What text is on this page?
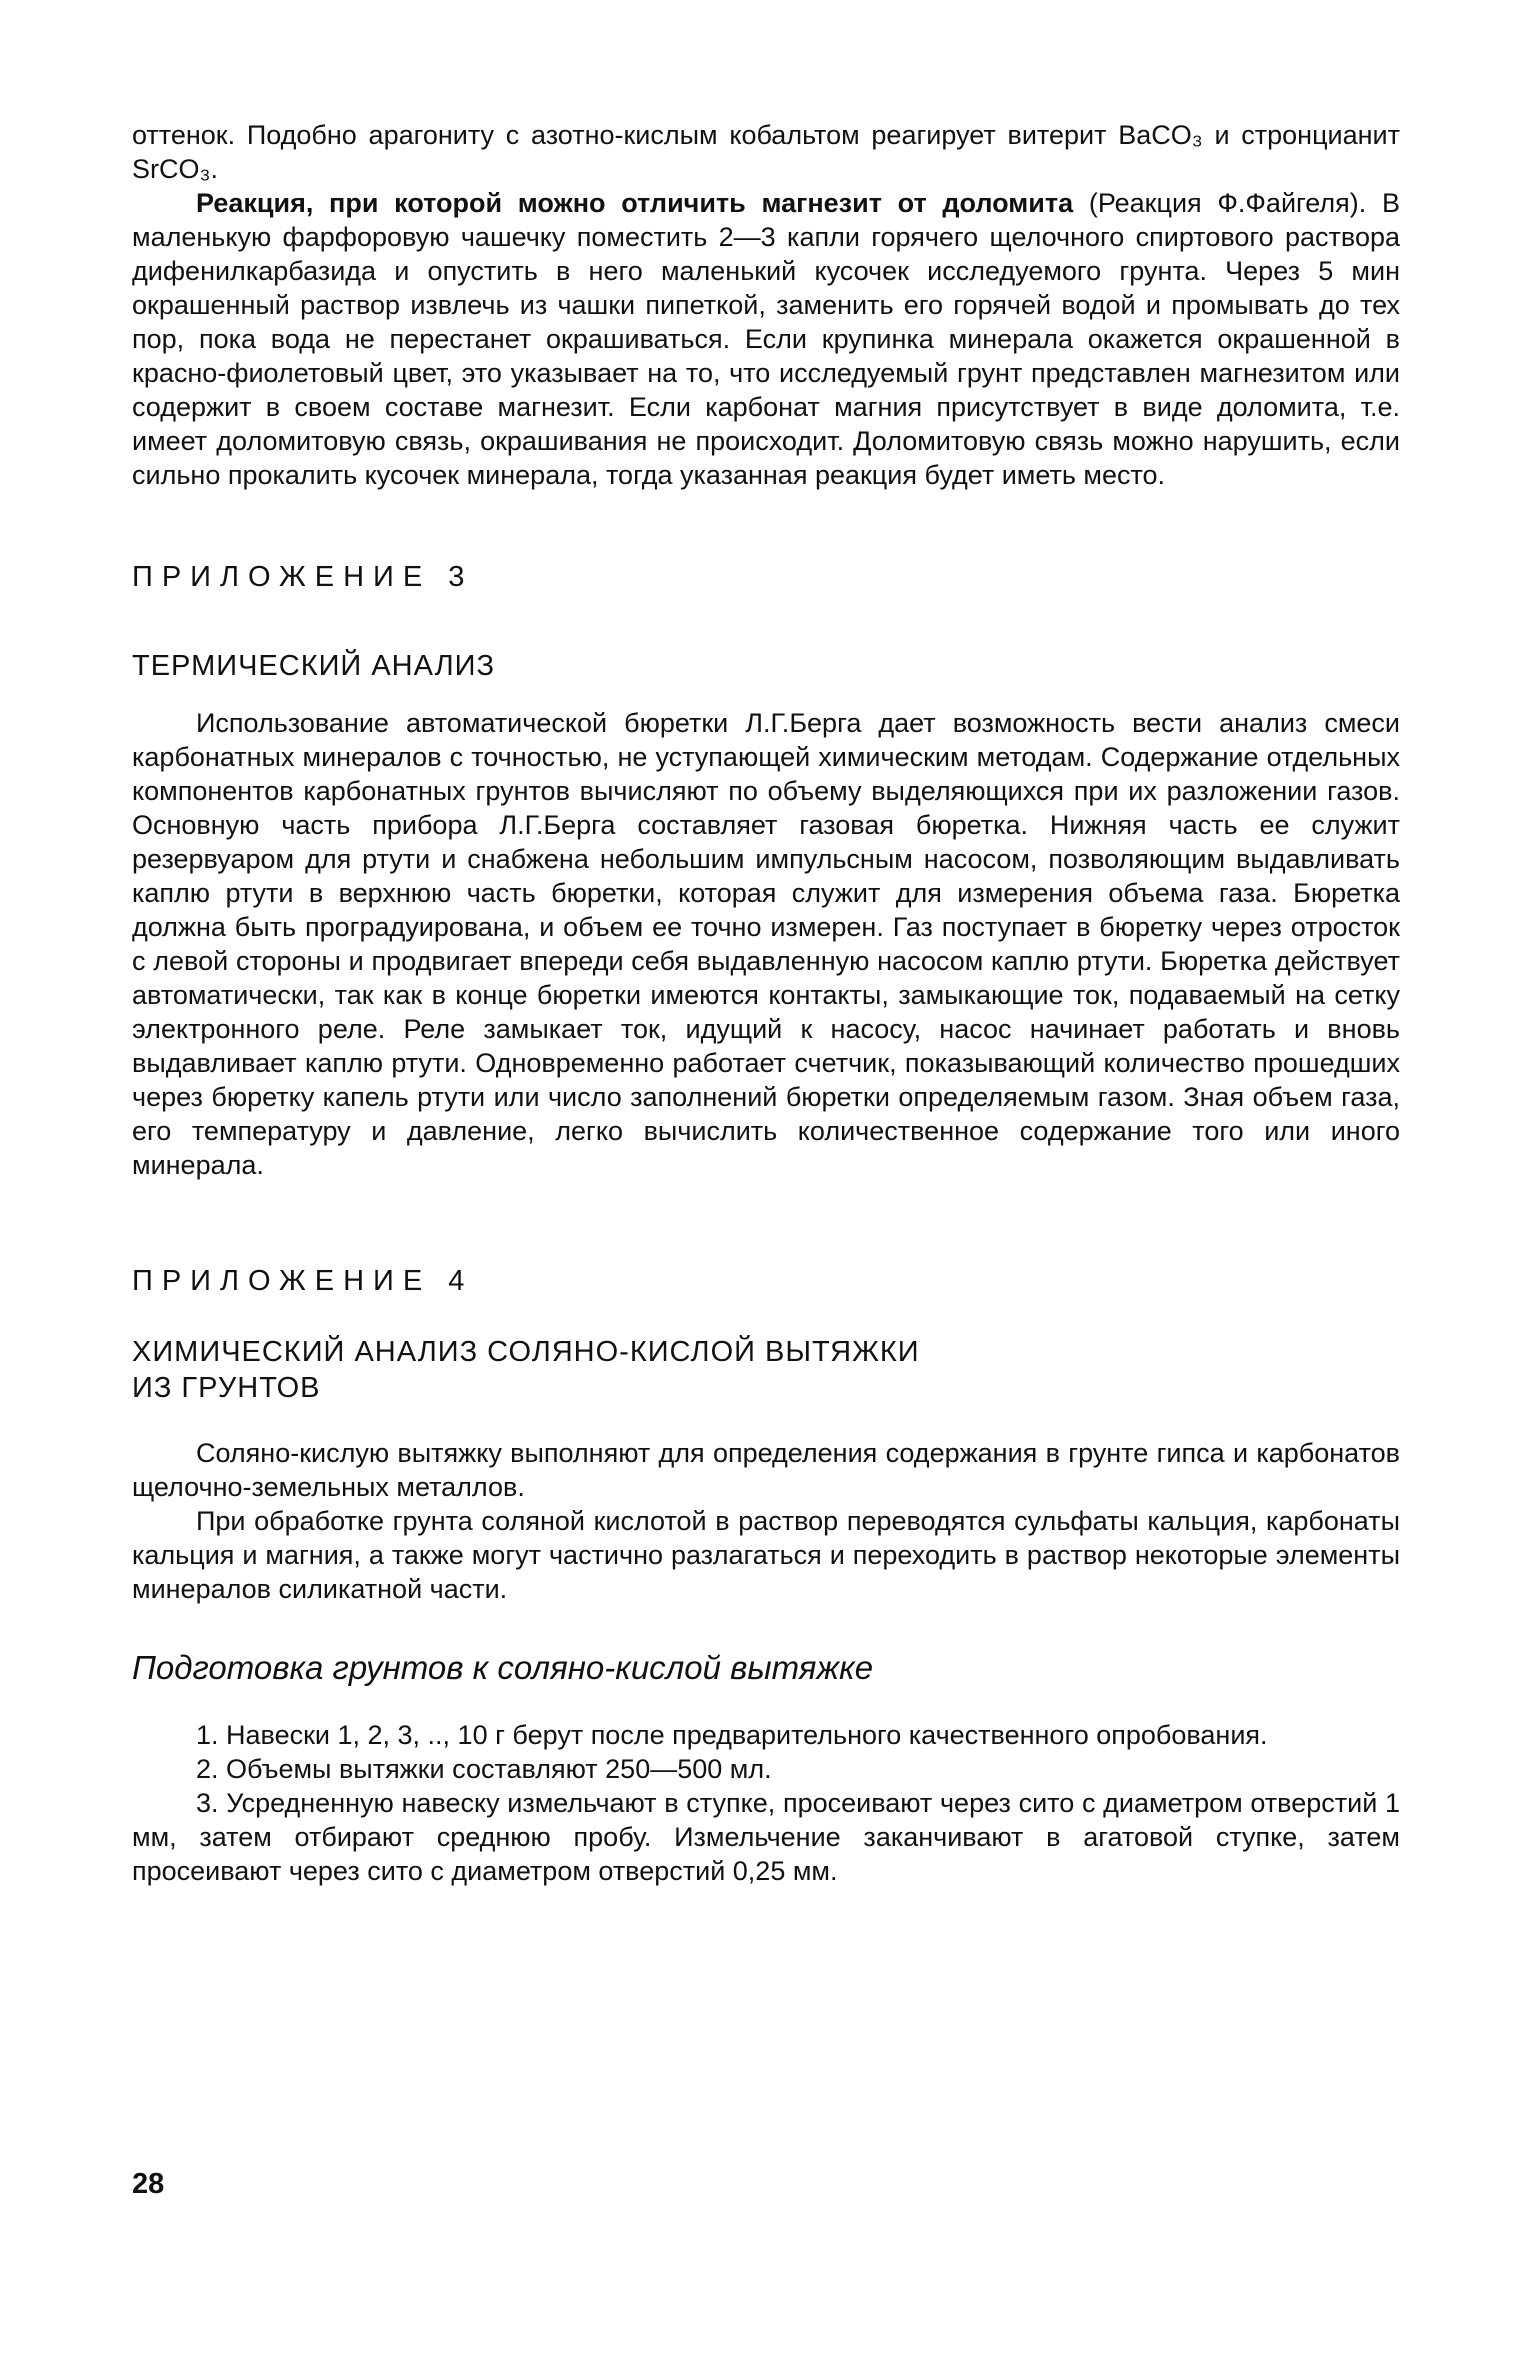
оттенок. Подобно арагониту с азотно-кислым кобальтом реагирует витерит BaCO₃ и стронцианит SrCO₃.

Реакция, при которой можно отличить магнезит от доломита (Реакция Ф.Файгеля). В маленькую фарфоровую чашечку поместить 2—3 капли горячего щелочного спиртового раствора дифенилкарбазида и опустить в него маленький кусочек исследуемого грунта. Через 5 мин окрашенный раствор извлечь из чашки пипеткой, заменить его горячей водой и промывать до тех пор, пока вода не перестанет окрашиваться. Если крупинка минерала окажется окрашенной в красно-фиолетовый цвет, это указывает на то, что исследуемый грунт представлен магнезитом или содержит в своем составе магнезит. Если карбонат магния присутствует в виде доломита, т.е. имеет доломитовую связь, окрашивания не происходит. Доломитовую связь можно нарушить, если сильно прокалить кусочек минерала, тогда указанная реакция будет иметь место.

ПРИЛОЖЕНИЕ 3

ТЕРМИЧЕСКИЙ АНАЛИЗ

Использование автоматической бюретки Л.Г.Берга дает возможность вести анализ смеси карбонатных минералов с точностью, не уступающей химическим методам. Содержание отдельных компонентов карбонатных грунтов вычисляют по объему выделяющихся при их разложении газов. Основную часть прибора Л.Г.Берга составляет газовая бюретка. Нижняя часть ее служит резервуаром для ртути и снабжена небольшим импульсным насосом, позволяющим выдавливать каплю ртути в верхнюю часть бюретки, которая служит для измерения объема газа. Бюретка должна быть проградуирована, и объем ее точно измерен. Газ поступает в бюретку через отросток с левой стороны и продвигает впереди себя выдавленную насосом каплю ртути. Бюретка действует автоматически, так как в конце бюретки имеются контакты, замыкающие ток, подаваемый на сетку электронного реле. Реле замыкает ток, идущий к насосу, насос начинает работать и вновь выдавливает каплю ртути. Одновременно работает счетчик, показывающий количество прошедших через бюретку капель ртути или число заполнений бюретки определяемым газом. Зная объем газа, его температуру и давление, легко вычислить количественное содержание того или иного минерала.

ПРИЛОЖЕНИЕ 4

ХИМИЧЕСКИЙ АНАЛИЗ СОЛЯНО-КИСЛОЙ ВЫТЯЖКИ

ИЗ ГРУНТОВ

Соляно-кислую вытяжку выполняют для определения содержания в грунте гипса и карбонатов щелочно-земельных металлов.

При обработке грунта соляной кислотой в раствор переводятся сульфаты кальция, карбонаты кальция и магния, а также могут частично разлагаться и переходить в раствор некоторые элементы минералов силикатной части.

Подготовка грунтов к соляно-кислой вытяжке

1. Навески 1, 2, 3, .., 10 г берут после предварительного качественного опробования.

2. Объемы вытяжки составляют 250—500 мл.

3. Усредненную навеску измельчают в ступке, просеивают через сито с диаметром отверстий 1 мм, затем отбирают среднюю пробу. Измельчение заканчивают в агатовой ступке, затем просеивают через сито с диаметром отверстий 0,25 мм.

28
